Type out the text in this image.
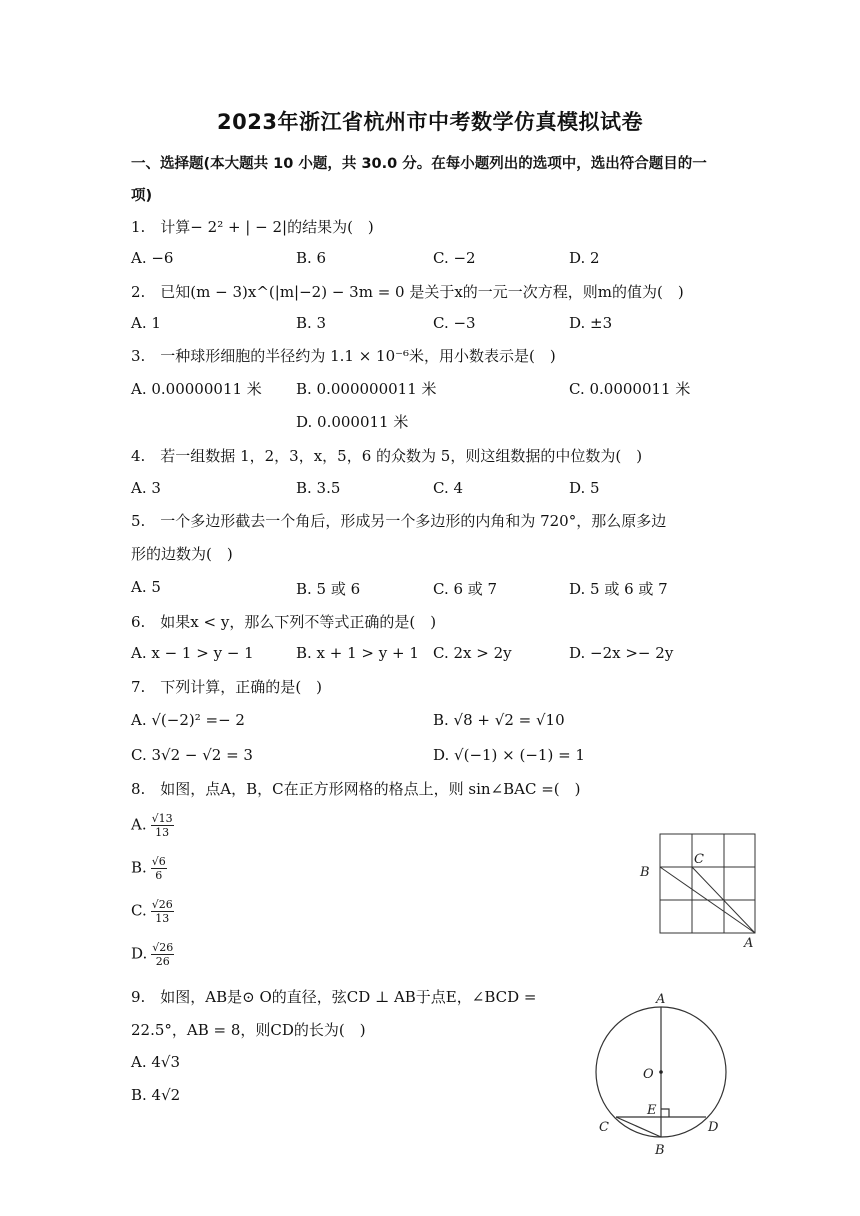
2023年浙江省杭州市中考数学仿真模拟试卷
一、选择题(本大题共 10 小题，共 30.0 分。在每小题列出的选项中，选出符合题目的一
项)
1.　计算− 2² + | − 2|的结果为(　)
A. −6	B. 6	C. −2	D. 2
2.　已知(m − 3)x^(|m|−2) − 3m = 0 是关于x的一元一次方程，则m的值为(　)
A. 1	B. 3	C. −3	D. ±3
3.　一种球形细胞的半径约为 1.1 × 10⁻⁶米，用小数表示是(　)
A. 0.00000011 米 B. 0.000000011 米	C. 0.0000011 米
D. 0.000011 米
4.　若一组数据 1，2，3，x，5，6 的众数为 5，则这组数据的中位数为(　)
A. 3	B. 3.5	C. 4	D. 5
5.　一个多边形截去一个角后，形成另一个多边形的内角和为 720°，那么原多边
形的边数为(　)
A. 5	B. 5 或 6	C. 6 或 7	D. 5 或 6 或 7
6.　如果x < y，那么下列不等式正确的是(　)
A. x − 1 > y − 1	B. x + 1 > y + 1 C. 2x > 2y	D. −2x >− 2y
7.　下列计算，正确的是(　)
A. √(−2)² =− 2	B. √8 + √2 = √10
C. 3√2 − √2 = 3	D. √(−1) × (−1) = 1
8.　如图，点A，B，C在正方形网格的格点上，则 sin∠BAC =(　)
A. $\frac{√13}{13}$
B. $\frac{√6}{6}$
C. $\frac{√26}{13}$
D. $\frac{√26}{26}$
B
C
A
9.　如图，AB是⊙ O的直径，弦CD ⊥ AB于点E，∠BCD =
22.5°，AB = 8，则CD的长为(　)
A. 4√3
B. 4√2
A
O
E
C	D
B
